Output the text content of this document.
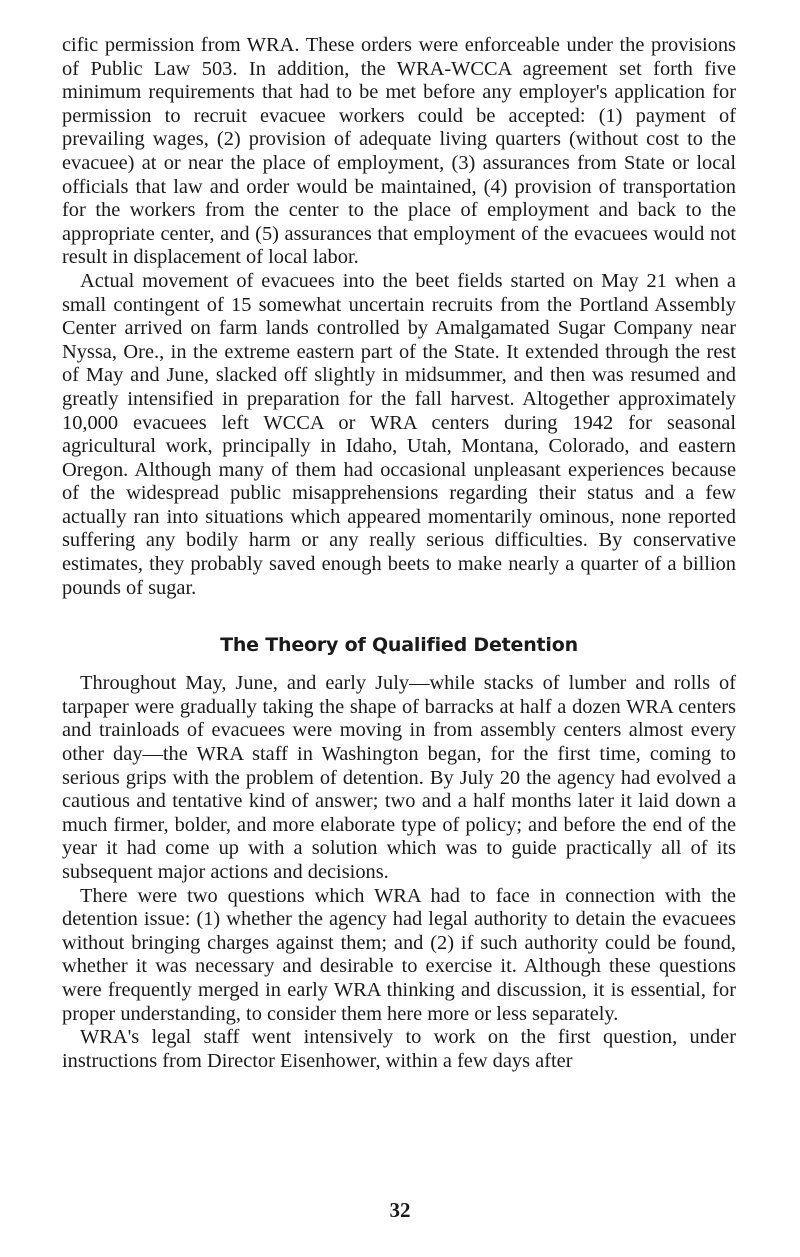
cific permission from WRA. These orders were enforceable under the provisions of Public Law 503. In addition, the WRA-WCCA agreement set forth five minimum requirements that had to be met before any employer's application for permission to recruit evacuee workers could be accepted: (1) payment of prevailing wages, (2) provision of adequate living quarters (without cost to the evacuee) at or near the place of employment, (3) assurances from State or local officials that law and order would be maintained, (4) provision of transportation for the workers from the center to the place of employment and back to the appropriate center, and (5) assurances that employment of the evacuees would not result in displacement of local labor.

Actual movement of evacuees into the beet fields started on May 21 when a small contingent of 15 somewhat uncertain recruits from the Portland Assembly Center arrived on farm lands controlled by Amalgamated Sugar Company near Nyssa, Ore., in the extreme eastern part of the State. It extended through the rest of May and June, slacked off slightly in midsummer, and then was resumed and greatly intensified in preparation for the fall harvest. Altogether approximately 10,000 evacuees left WCCA or WRA centers during 1942 for seasonal agricultural work, principally in Idaho, Utah, Montana, Colorado, and eastern Oregon. Although many of them had occasional unpleasant experiences because of the widespread public misapprehensions regarding their status and a few actually ran into situations which appeared momentarily ominous, none reported suffering any bodily harm or any really serious difficulties. By conservative estimates, they probably saved enough beets to make nearly a quarter of a billion pounds of sugar.

The Theory of Qualified Detention

Throughout May, June, and early July—while stacks of lumber and rolls of tarpaper were gradually taking the shape of barracks at half a dozen WRA centers and trainloads of evacuees were moving in from assembly centers almost every other day—the WRA staff in Washington began, for the first time, coming to serious grips with the problem of detention. By July 20 the agency had evolved a cautious and tentative kind of answer; two and a half months later it laid down a much firmer, bolder, and more elaborate type of policy; and before the end of the year it had come up with a solution which was to guide practically all of its subsequent major actions and decisions.

There were two questions which WRA had to face in connection with the detention issue: (1) whether the agency had legal authority to detain the evacuees without bringing charges against them; and (2) if such authority could be found, whether it was necessary and desirable to exercise it. Although these questions were frequently merged in early WRA thinking and discussion, it is essential, for proper understanding, to consider them here more or less separately.

WRA's legal staff went intensively to work on the first question, under instructions from Director Eisenhower, within a few days after

32
